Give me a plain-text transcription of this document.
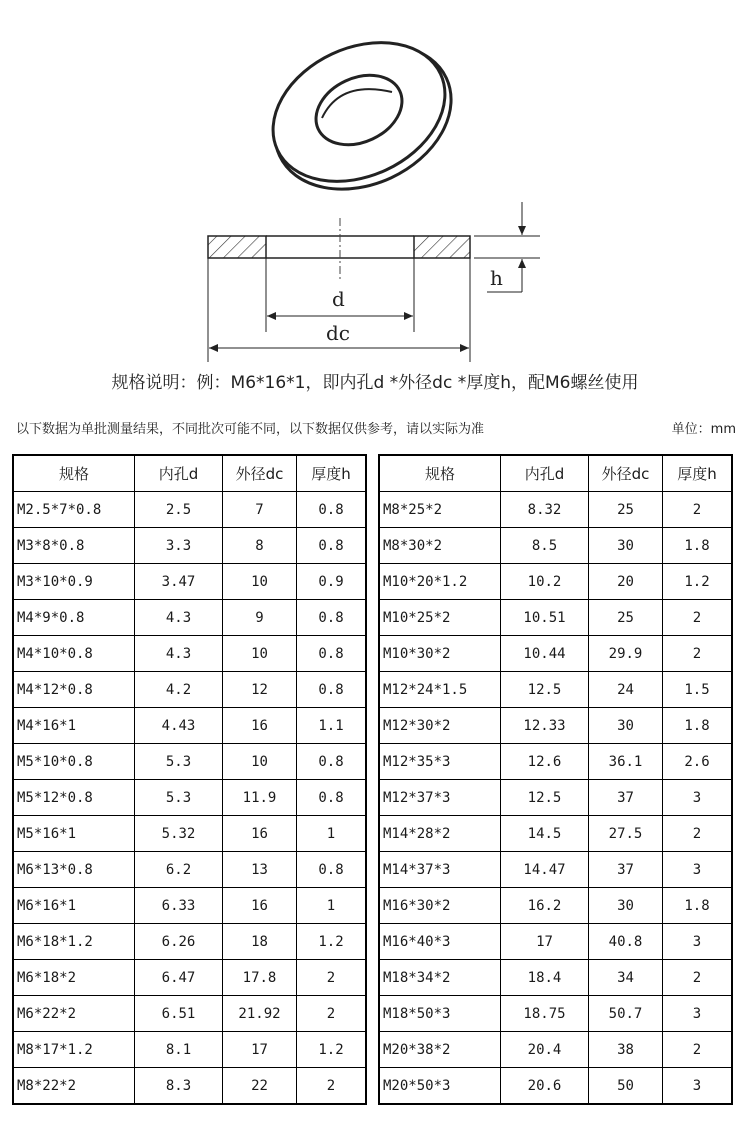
h
d
dc
规格说明：例：M6*16*1，即内孔d *外径dc *厚度h，配M6螺丝使用
以下数据为单批测量结果，不同批次可能不同，以下数据仅供参考，请以实际为准	单位：mm
规格	内孔d	外径dc	厚度h
M2.5*7*0.8	2.5	7	0.8
M3*8*0.8	3.3	8	0.8
M3*10*0.9	3.47	10	0.9
M4*9*0.8	4.3	9	0.8
M4*10*0.8	4.3	10	0.8
M4*12*0.8	4.2	12	0.8
M4*16*1	4.43	16	1.1
M5*10*0.8	5.3	10	0.8
M5*12*0.8	5.3	11.9	0.8
M5*16*1	5.32	16	1
M6*13*0.8	6.2	13	0.8
M6*16*1	6.33	16	1
M6*18*1.2	6.26	18	1.2
M6*18*2	6.47	17.8	2
M6*22*2	6.51	21.92	2
M8*17*1.2	8.1	17	1.2
M8*22*2	8.3	22	2
规格	内孔d	外径dc	厚度h
M8*25*2	8.32	25	2
M8*30*2	8.5	30	1.8
M10*20*1.2	10.2	20	1.2
M10*25*2	10.51	25	2
M10*30*2	10.44	29.9	2
M12*24*1.5	12.5	24	1.5
M12*30*2	12.33	30	1.8
M12*35*3	12.6	36.1	2.6
M12*37*3	12.5	37	3
M14*28*2	14.5	27.5	2
M14*37*3	14.47	37	3
M16*30*2	16.2	30	1.8
M16*40*3	17	40.8	3
M18*34*2	18.4	34	2
M18*50*3	18.75	50.7	3
M20*38*2	20.4	38	2
M20*50*3	20.6	50	3
